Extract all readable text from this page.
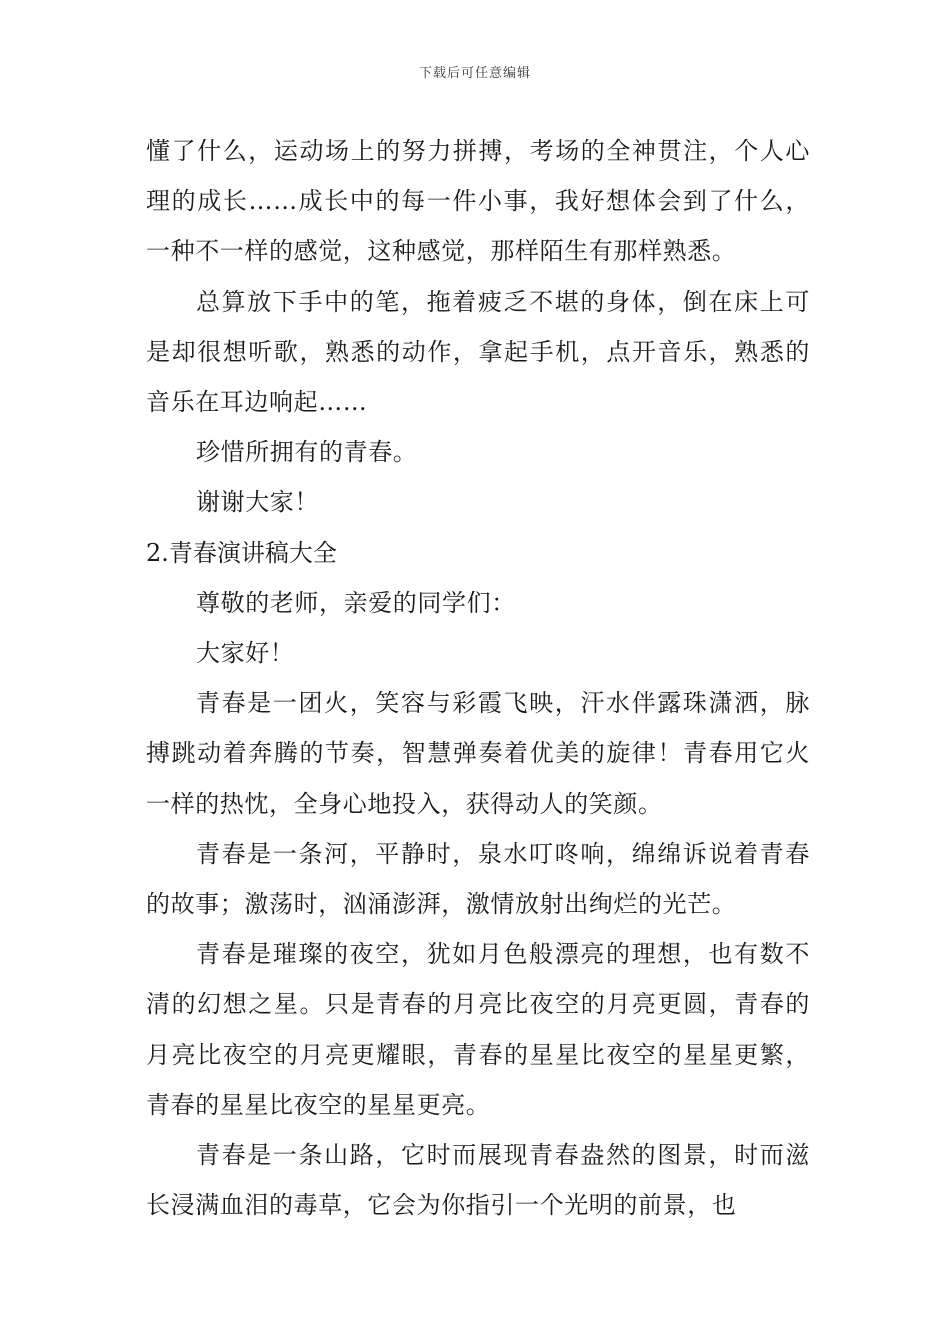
下载后可任意编辑

懂了什么，运动场上的努力拼搏，考场的全神贯注，个人心理的成长……成长中的每一件小事，我好想体会到了什么，一种不一样的感觉，这种感觉，那样陌生有那样熟悉。

总算放下手中的笔，拖着疲乏不堪的身体，倒在床上可是却很想听歌，熟悉的动作，拿起手机，点开音乐，熟悉的音乐在耳边响起……

珍惜所拥有的青春。

谢谢大家！

2.青春演讲稿大全

尊敬的老师，亲爱的同学们：

大家好！

青春是一团火，笑容与彩霞飞映，汗水伴露珠潇洒，脉搏跳动着奔腾的节奏，智慧弹奏着优美的旋律！青春用它火一样的热忱，全身心地投入，获得动人的笑颜。

青春是一条河，平静时，泉水叮咚响，绵绵诉说着青春的故事；激荡时，汹涌澎湃，激情放射出绚烂的光芒。

青春是璀璨的夜空，犹如月色般漂亮的理想，也有数不清的幻想之星。只是青春的月亮比夜空的月亮更圆，青春的月亮比夜空的月亮更耀眼，青春的星星比夜空的星星更繁，青春的星星比夜空的星星更亮。

青春是一条山路，它时而展现青春盎然的图景，时而滋长浸满血泪的毒草，它会为你指引一个光明的前景，也
